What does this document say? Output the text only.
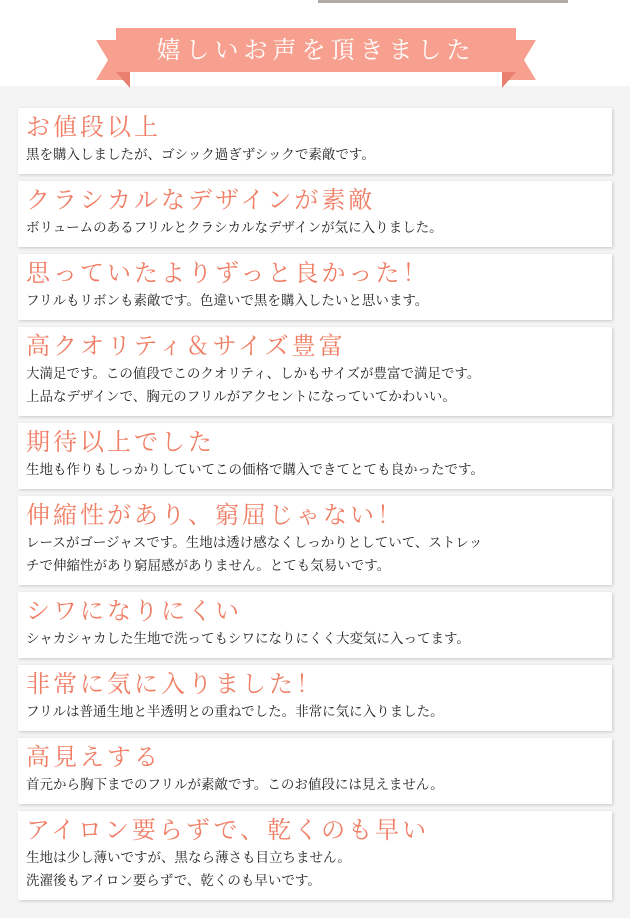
嬉しいお声を頂きました
お値段以上
黒を購入しましたが、ゴシック過ぎずシックで素敵です。
クラシカルなデザインが素敵
ボリュームのあるフリルとクラシカルなデザインが気に入りました。
思っていたよりずっと良かった！
フリルもリボンも素敵です。色違いで黒を購入したいと思います。
高クオリティ＆サイズ豊富
大満足です。この値段でこのクオリティ、しかもサイズが豊富で満足です。
上品なデザインで、胸元のフリルがアクセントになっていてかわいい。
期待以上でした
生地も作りもしっかりしていてこの価格で購入できてとても良かったです。
伸縮性があり、窮屈じゃない！
レースがゴージャスです。生地は透け感なくしっかりとしていて、ストレッ
チで伸縮性があり窮屈感がありません。とても気易いです。
シワになりにくい
シャカシャカした生地で洗ってもシワになりにくく大変気に入ってます。
非常に気に入りました！
フリルは普通生地と半透明との重ねでした。非常に気に入りました。
高見えする
首元から胸下までのフリルが素敵です。このお値段には見えません。
アイロン要らずで、乾くのも早い
生地は少し薄いですが、黒なら薄さも目立ちません。
洗濯後もアイロン要らずで、乾くのも早いです。
